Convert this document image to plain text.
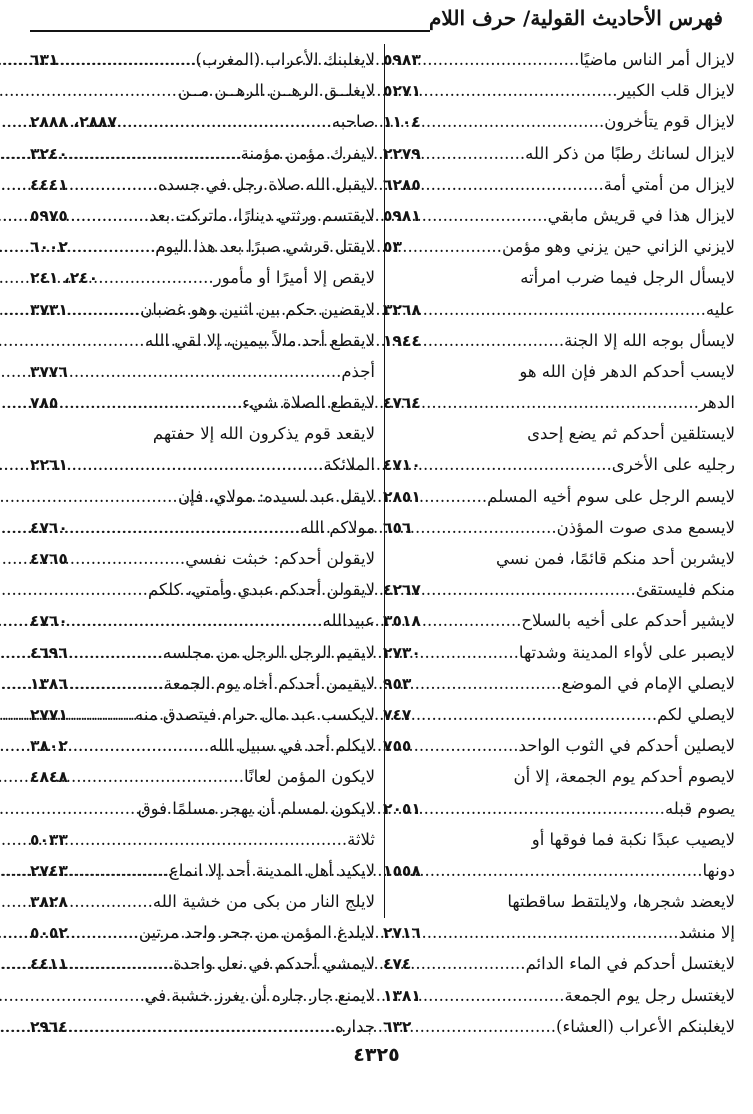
فهرس الأحاديث القولية/ حرف اللام
لايزال أمر الناس ماضيًا
.....
٥٩٨٣
لايزال قلب الكبير
.....
٥٢٧١
لايزال قوم يتأخرون
.....
١١٠٤
لايزال لسانك رطبًا من ذكر الله
.....
٢٢٧٩
لايزال من أمتي أمة
.....
٦٢٨٥
لايزال هذا في قريش مابقي
.....
٥٩٨١
لايزني الزاني حين يزني وهو مؤمن
.....
٥٣
لايسأل الرجل فيما ضرب امرأته
عليه
.....
٣٢٦٨
لايسأل بوجه الله إلا الجنة
.....
١٩٤٤
لايسب أحدكم الدهر فإن الله هو
الدهر
.....
٤٧٦٤
لايستلقين أحدكم ثم يضع إحدى
رجليه على الأخرى
.....
٤٧١٠
لايسم الرجل على سوم أخيه المسلم.
.....
٢٨٥١
لايسمع مدى صوت المؤذن
.....
٦٥٦
لايشربن أحد منكم قائمًا، فمن نسي
منكم فليستقئ
.....
٤٢٦٧
لايشير أحدكم على أخيه بالسلاح
.....
٣٥١٨
لايصبر على لأواء المدينة وشدتها
.....
٢٧٣٠
لايصلي الإمام في الموضع
.....
٩٥٣
لايصلي لكم
.....
٧٤٧
لايصلين أحدكم في الثوب الواحد
.....
٧٥٥
لايصوم أحدكم يوم الجمعة، إلا أن
يصوم قبله
.....
٢٠٥١
لايصيب عبدًا نكبة فما فوقها أو
دونها
.....
١٥٥٨
لايعضد شجرها، ولايلتقط ساقطتها
إلا منشد
.....
٢٧١٦
لايغتسل أحدكم في الماء الدائم
.....
٤٧٤
لايغتسل رجل يوم الجمعة
.....
١٣٨١
لايغلبنكم الأعراب (العشاء)
.....
٦٣٢
لايغلبنك الأعراب (المغرب)
.....
٦٣١
لايغلــق الرهــن الرهــن مــن
صاحبه
.....
٢٨٨٧، ٢٨٨٨
لايفرك مؤمن مؤمنة
.....
٣٢٤٠
لايقبل الله صلاة رجل في جسده
.....
٤٤٤١
لايقتسم ورثتي دينارًا، ماتركت بعد
.....
٥٩٧٥
لايقتل قرشي صبرًا بعد هذا اليوم
.....
٦٠٠٢
لايقص إلا أميرًا أو مأمور
.....
٢٤٠، ٢٤١
لايقضين حكم بين اثنين وهو غضبان
.....
٣٧٣١
لايقطع أحد مالاً بيمين، إلا لقي الله
أجذم
.....
٣٧٧٦
لايقطع الصلاة شيء
.....
٧٨٥
لايقعد قوم يذكرون الله إلا حفتهم
الملائكة
.....
٢٢٦١
لايقل عبد لسيده: مولاي، فإن
مولاكم الله
.....
٤٧٦٠
لايقولن أحدكم: خبثت نفسي
.....
٤٧٦٥
لايقولن أحدكم عبدي وأمتي، كلكم
عبيدالله
.....
٤٧٦٠
لايقيم الرجل الرجل من مجلسه
.....
٤٦٩٦
لايقيمن أحدكم أخاه يوم الجمعة
.....
١٣٨٦
لايكسب عبد مال حرام فيتصدق منه
.....
٢٧٧١
لايكلم أحد في سبيل الله
.....
٣٨٠٢
لايكون المؤمن لعانًا
.....
٤٨٤٨
لايكون لمسلم أن يهجر مسلمًا فوق
ثلاثة
.....
٥٠٣٣
لايكيد أهل المدينة أحد إلا انماع
.....
٢٧٤٣
لايلج النار من بكى من خشية الله
.....
٣٨٢٨
لايلدغ المؤمن من جحر واحد مرتين
.....
٥٠٥٢
لايمشي أحدكم في نعل واحدة
.....
٤٤١١
لايمنع جار جاره أن يغرز خشبة في
جداره
.....
٢٩٦٤
٤٣٢٥
